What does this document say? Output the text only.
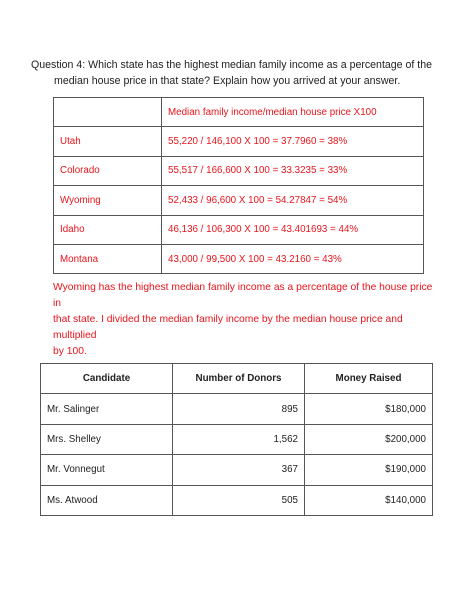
Question 4: Which state has the highest median family income as a percentage of the
median house price in that state? Explain how you arrived at your answer.
	Median family income/median house price X100
Utah	55,220 / 146,100 X 100 = 37.7960 = 38%
Colorado	55,517 / 166,600 X 100 = 33.3235 = 33%
Wyoming	52,433 / 96,600 X 100 = 54.27847 = 54%
Idaho	46,136 / 106,300 X 100 = 43.401693 = 44%
Montana	43,000 / 99,500 X 100 = 43.2160 = 43%
Wyoming has the highest median family income as a percentage of the house price in
that state. I divided the median family income by the median house price and multiplied
by 100.
Candidate	Number of Donors	Money Raised
Mr. Salinger	895	$180,000
Mrs. Shelley	1,562	$200,000
Mr. Vonnegut	367	$190,000
Ms. Atwood	505	$140,000
